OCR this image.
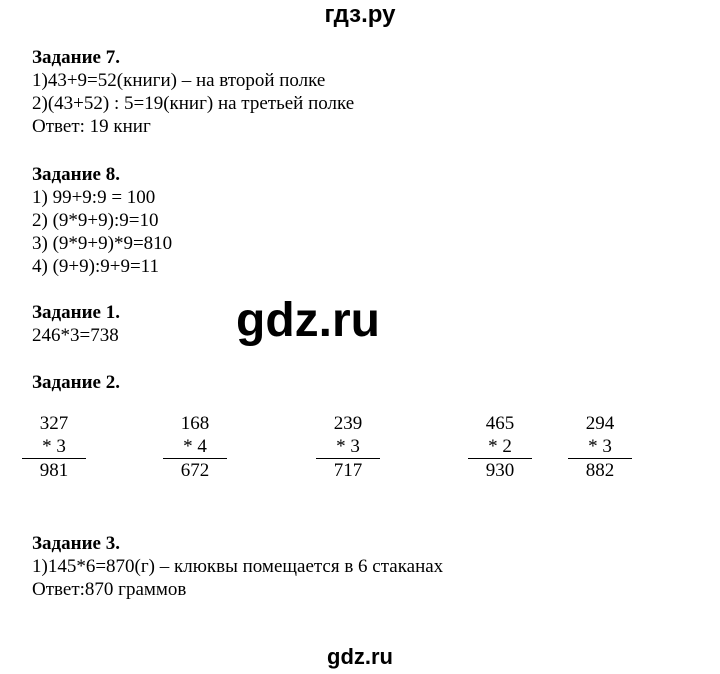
гдз.ру
Задание 7.
1)43+9=52(книги) – на второй полке
2)(43+52) : 5=19(книг) на третьей полке
Ответ: 19 книг
Задание 8.
1) 99+9:9 = 100
2) (9*9+9):9=10
3) (9*9+9)*9=810
4) (9+9):9+9=11
Задание 1.
246*3=738 gdz.ru
Задание 2.
327
* 3
981
168
* 4
672
239
* 3
717
465
* 2
930
294
* 3
882
Задание 3.
1)145*6=870(г) – клюквы помещается в 6 стаканах
Ответ:870 граммов
gdz.ru
